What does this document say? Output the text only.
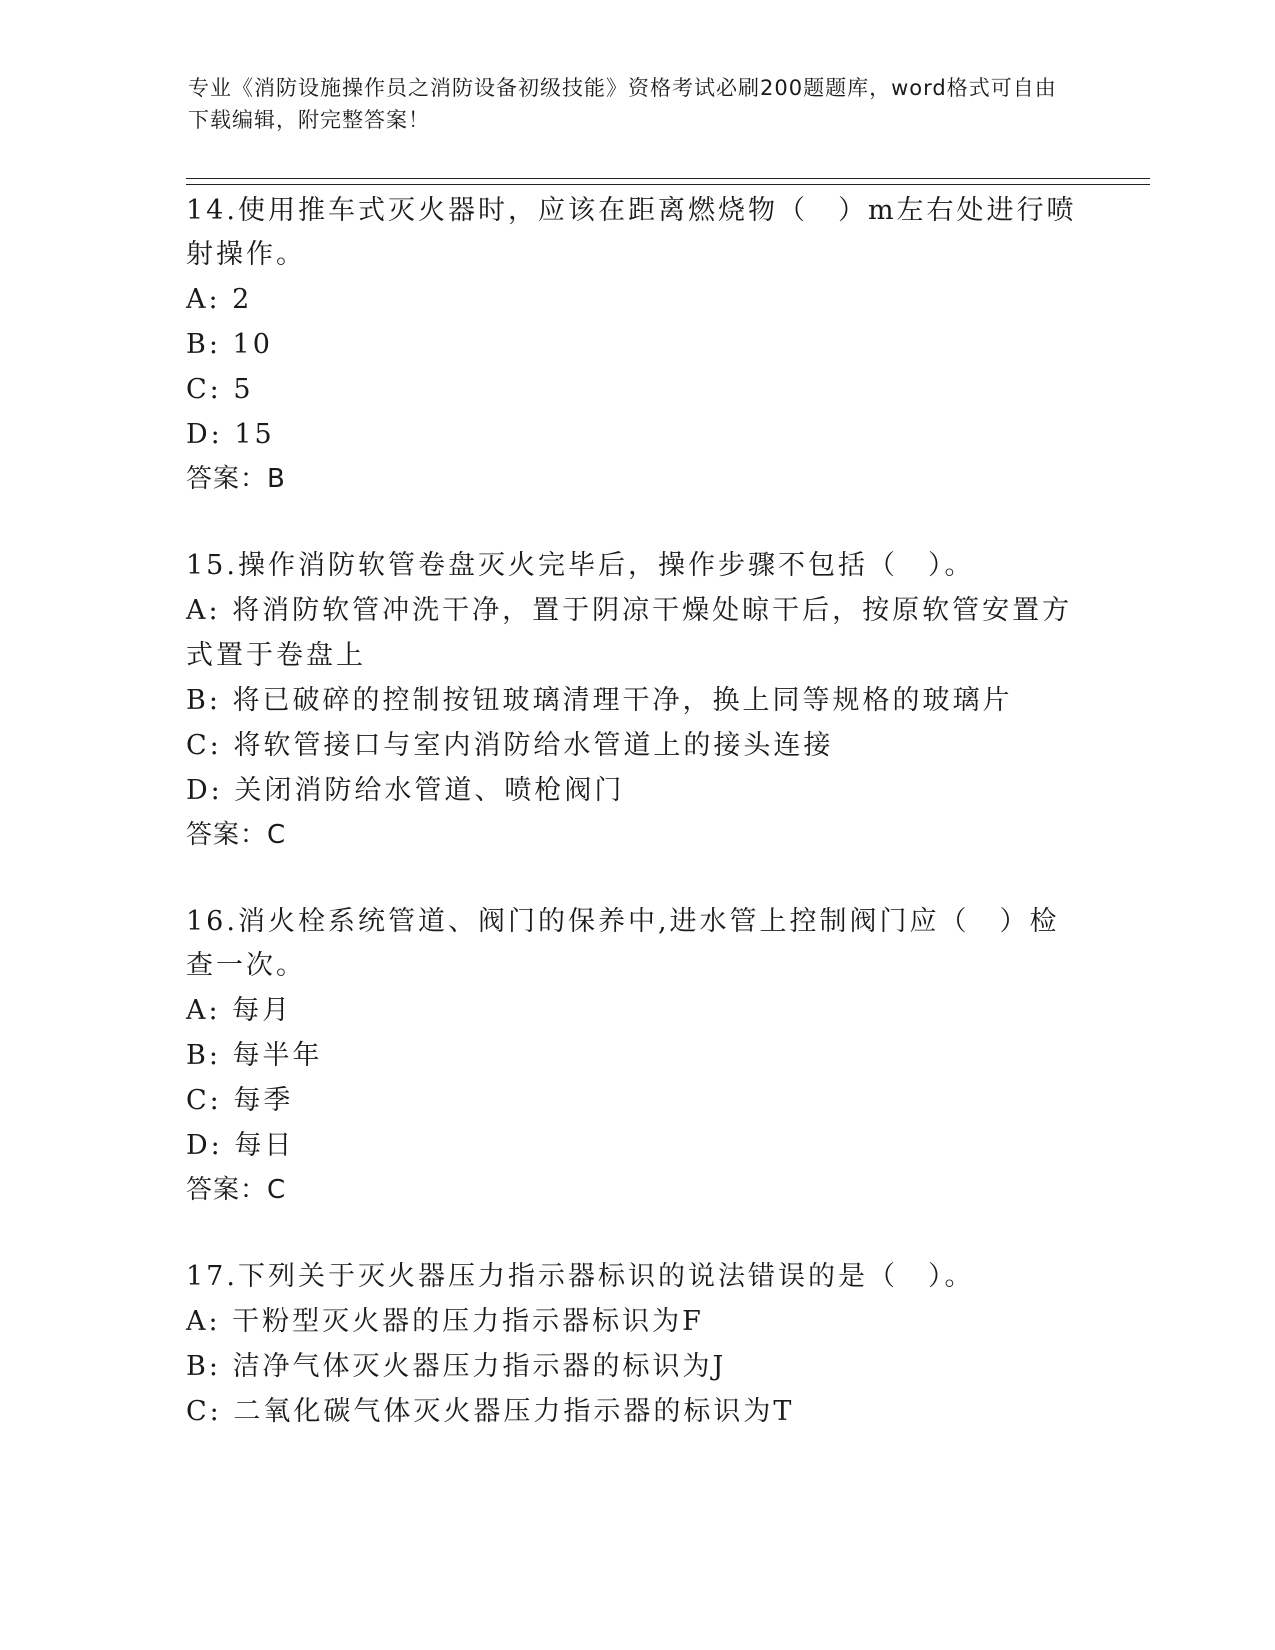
专业《消防设施操作员之消防设备初级技能》资格考试必刷200题题库，word格式可自由下载编辑，附完整答案！
14.使用推车式灭火器时，应该在距离燃烧物（　）m左右处进行喷射操作。
A: 2
B: 10
C: 5
D: 15
答案：B
15.操作消防软管卷盘灭火完毕后，操作步骤不包括（　）。
A: 将消防软管冲洗干净，置于阴凉干燥处晾干后，按原软管安置方式置于卷盘上
B: 将已破碎的控制按钮玻璃清理干净，换上同等规格的玻璃片
C: 将软管接口与室内消防给水管道上的接头连接
D: 关闭消防给水管道、喷枪阀门
答案：C
16.消火栓系统管道、阀门的保养中,进水管上控制阀门应（　）检查一次。
A: 每月
B: 每半年
C: 每季
D: 每日
答案：C
17.下列关于灭火器压力指示器标识的说法错误的是（　）。
A: 干粉型灭火器的压力指示器标识为F
B: 洁净气体灭火器压力指示器的标识为J
C: 二氧化碳气体灭火器压力指示器的标识为T
